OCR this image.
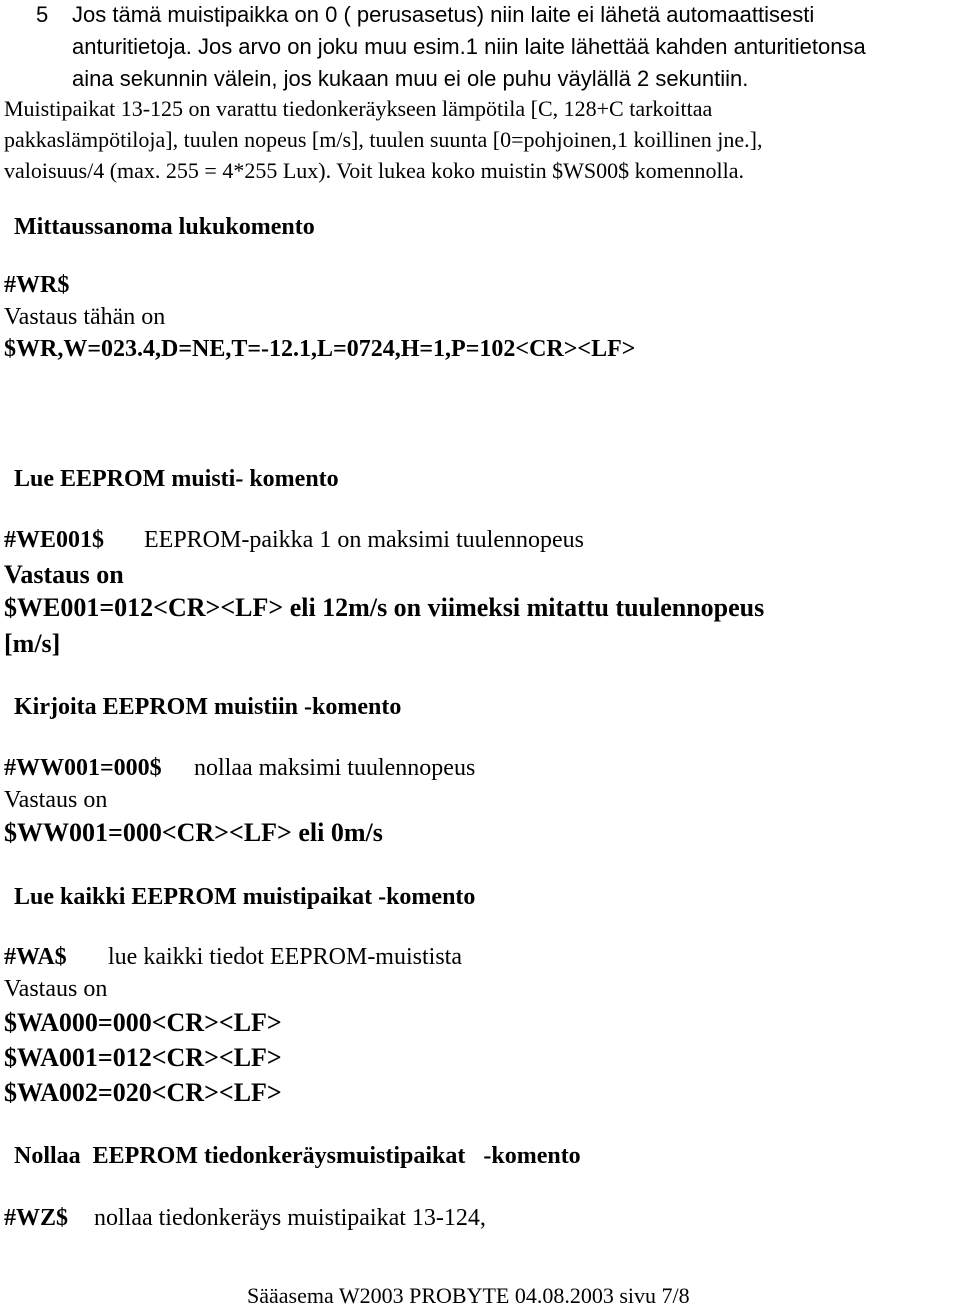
5 Jos tämä muistipaikka on 0 ( perusasetus) niin laite ei lähetä automaattisesti
anturitietoja. Jos arvo on joku muu esim.1 niin laite lähettää kahden anturitietonsa
aina sekunnin välein, jos kukaan muu ei ole puhu väylällä 2 sekuntiin.
Muistipaikat 13-125 on varattu tiedonkeräykseen lämpötila [C, 128+C tarkoittaa
pakkaslämpötiloja], tuulen nopeus [m/s], tuulen suunta [0=pohjoinen,1 koillinen jne.],
valoisuus/4 (max. 255 = 4*255 Lux). Voit lukea koko muistin $WS00$ komennolla.
Mittaussanoma lukukomento
#WR$
Vastaus tähän on
$WR,W=023.4,D=NE,T=-12.1,L=0724,H=1,P=102<CR><LF>
Lue EEPROM muisti- komento
#WE001$ EEPROM-paikka 1 on maksimi tuulennopeus
Vastaus on
$WE001=012<CR><LF> eli 12m/s on viimeksi mitattu tuulennopeus
[m/s]
Kirjoita EEPROM muistiin -komento
#WW001=000$ nollaa maksimi tuulennopeus
Vastaus on
$WW001=000<CR><LF> eli 0m/s
Lue kaikki EEPROM muistipaikat -komento
#WA$ lue kaikki tiedot EEPROM-muistista
Vastaus on
$WA000=000<CR><LF>
$WA001=012<CR><LF>
$WA002=020<CR><LF>
Nollaa  EEPROM tiedonkeräysmuistipaikat   -komento
#WZ$ nollaa tiedonkeräys muistipaikat 13-124,
Sääasema W2003 PROBYTE 04.08.2003 sivu 7/8
